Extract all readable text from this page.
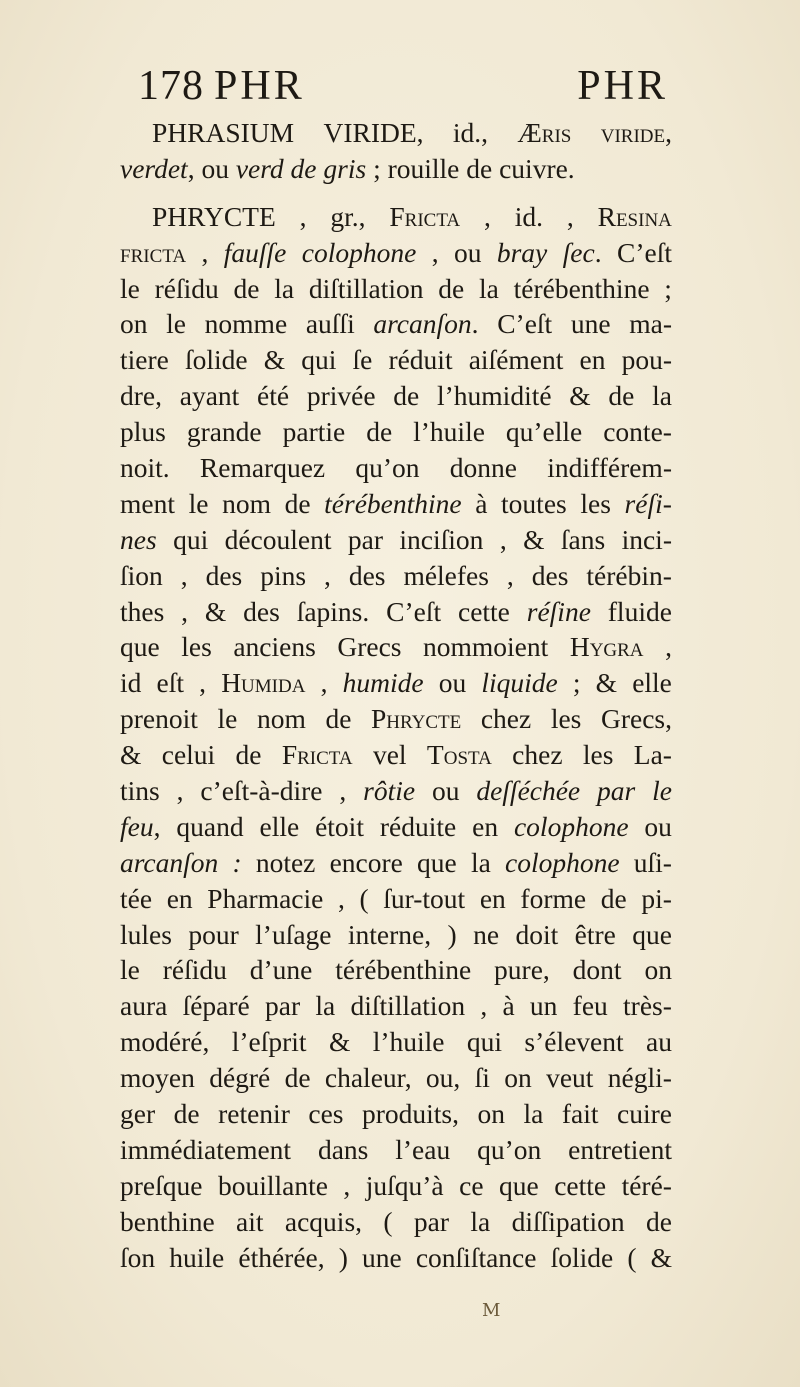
178 PHR	PHR
PHRASIUM VIRIDE, id., Æris viride,
verdet, ou verd de gris ; rouille de cuivre.
PHRYCTE , gr., Fricta , id. , Resina
fricta , fauſſe colophone , ou bray ſec. C’eſt
le réſidu de la diſtillation de la térébenthine ;
on le nomme auſſi arcanſon. C’eſt une ma-
tiere ſolide & qui ſe réduit aiſément en pou-
dre, ayant été privée de l’humidité & de la
plus grande partie de l’huile qu’elle conte-
noit. Remarquez qu’on donne indifférem-
ment le nom de térébenthine à toutes les réſi-
nes qui découlent par inciſion , & ſans inci-
ſion , des pins , des mélefes , des térébin-
thes , & des ſapins. C’eſt cette réſine fluide
que les anciens Grecs nommoient Hygra ,
id eſt , Humida , humide ou liquide ; & elle
prenoit le nom de Phrycte chez les Grecs,
& celui de Fricta vel Tosta chez les La-
tins , c’eſt-à-dire , rôtie ou deſſéchée par le
feu, quand elle étoit réduite en colophone ou
arcanſon : notez encore que la colophone uſi-
tée en Pharmacie , ( ſur-tout en forme de pi-
lules pour l’uſage interne, ) ne doit être que
le réſidu d’une térébenthine pure, dont on
aura ſéparé par la diſtillation , à un feu très-
modéré, l’eſprit & l’huile qui s’élevent au
moyen dégré de chaleur, ou, ſi on veut négli-
ger de retenir ces produits, on la fait cuire
immédiatement dans l’eau qu’on entretient
preſque bouillante , juſqu’à ce que cette téré-
benthine ait acquis, ( par la diſſipation de
ſon huile éthérée, ) une conſiſtance ſolide ( &
M
